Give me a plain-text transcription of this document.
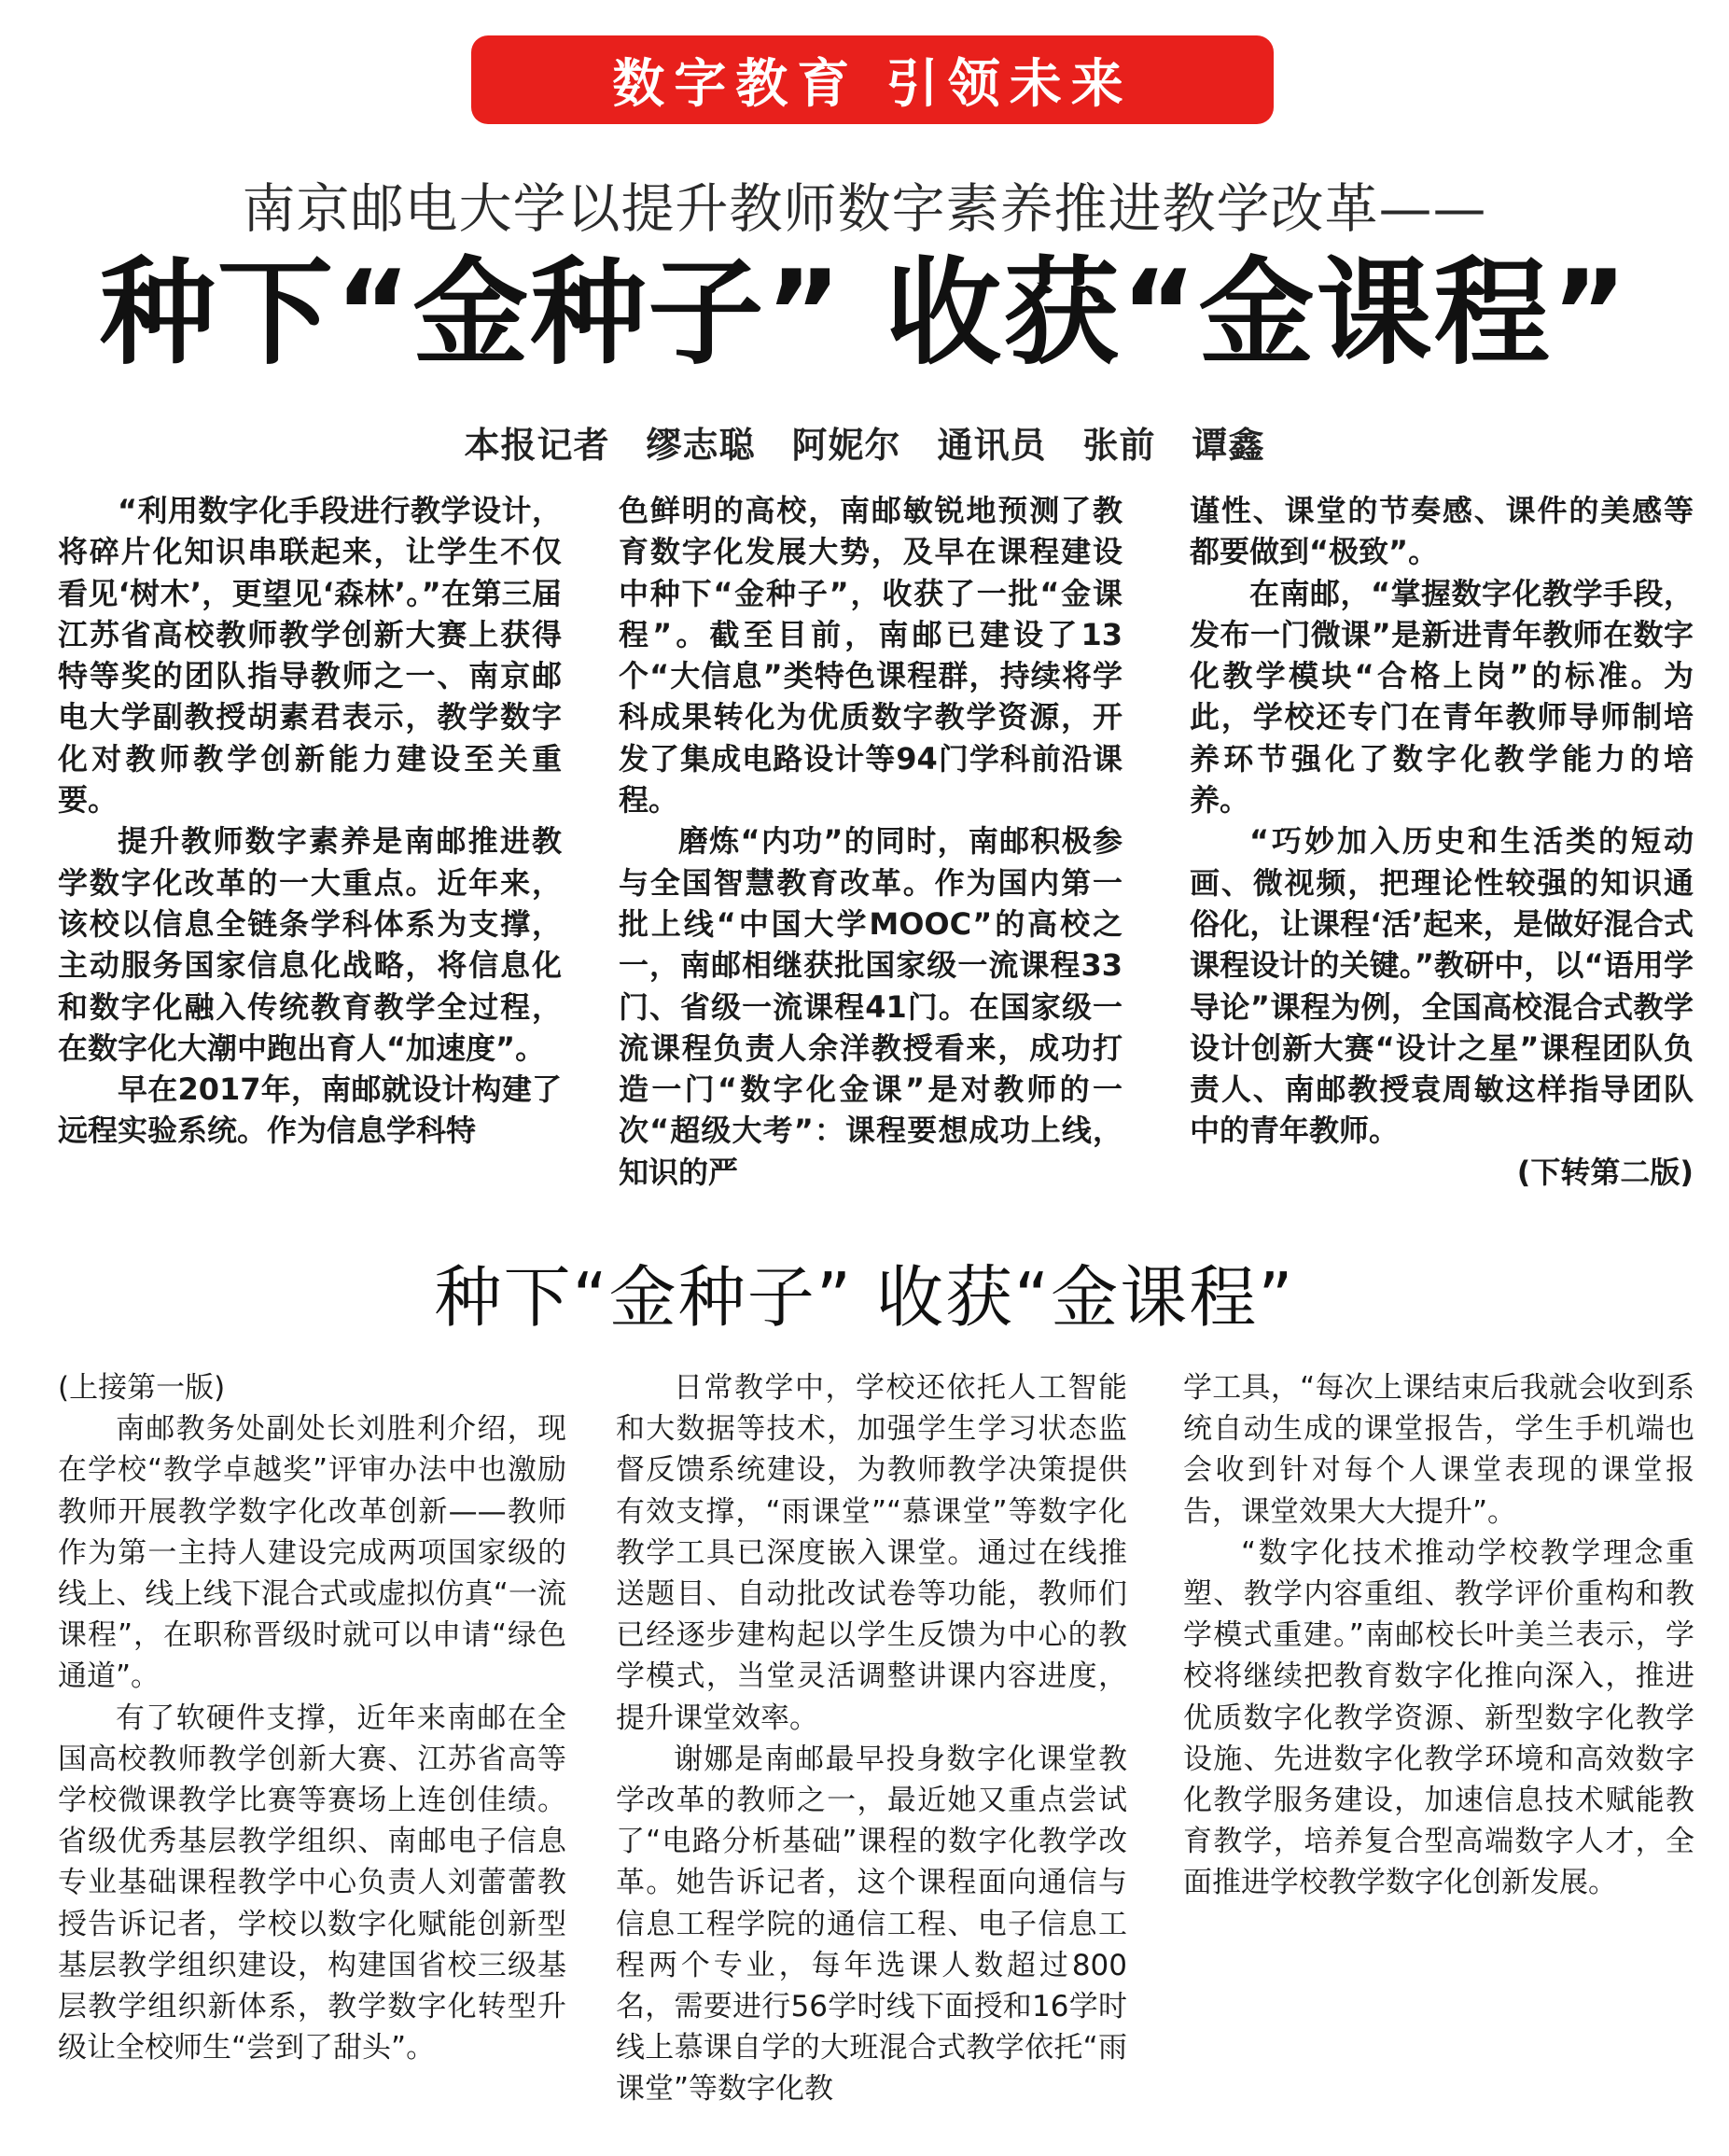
数字教育 引领未来
南京邮电大学以提升教师数字素养推进教学改革——
种下“金种子” 收获“金课程”
本报记者　缪志聪　阿妮尔　通讯员　张前　谭鑫

“利用数字化手段进行教学设计，将碎片化知识串联起来，让学生不仅看见‘树木’，更望见‘森林’。”在第三届江苏省高校教师教学创新大赛上获得特等奖的团队指导教师之一、南京邮电大学副教授胡素君表示，教学数字化对教师教学创新能力建设至关重要。

提升教师数字素养是南邮推进教学数字化改革的一大重点。近年来，该校以信息全链条学科体系为支撑，主动服务国家信息化战略，将信息化和数字化融入传统教育教学全过程，在数字化大潮中跑出育人“加速度”。

早在2017年，南邮就设计构建了远程实验系统。作为信息学科特

色鲜明的高校，南邮敏锐地预测了教育数字化发展大势，及早在课程建设中种下“金种子”，收获了一批“金课程”。截至目前，南邮已建设了13个“大信息”类特色课程群，持续将学科成果转化为优质数字教学资源，开发了集成电路设计等94门学科前沿课程。

磨炼“内功”的同时，南邮积极参与全国智慧教育改革。作为国内第一批上线“中国大学MOOC”的高校之一，南邮相继获批国家级一流课程33门、省级一流课程41门。在国家级一流课程负责人余洋教授看来，成功打造一门“数字化金课”是对教师的一次“超级大考”：课程要想成功上线，知识的严

谨性、课堂的节奏感、课件的美感等都要做到“极致”。

在南邮，“掌握数字化教学手段，发布一门微课”是新进青年教师在数字化教学模块“合格上岗”的标准。为此，学校还专门在青年教师导师制培养环节强化了数字化教学能力的培养。

“巧妙加入历史和生活类的短动画、微视频，把理论性较强的知识通俗化，让课程‘活’起来，是做好混合式课程设计的关键。”教研中，以“语用学导论”课程为例，全国高校混合式教学设计创新大赛“设计之星”课程团队负责人、南邮教授袁周敏这样指导团队中的青年教师。

(下转第二版)

种下“金种子” 收获“金课程”

(上接第一版)

南邮教务处副处长刘胜利介绍，现在学校“教学卓越奖”评审办法中也激励教师开展教学数字化改革创新——教师作为第一主持人建设完成两项国家级的线上、线上线下混合式或虚拟仿真“一流课程”，在职称晋级时就可以申请“绿色通道”。

有了软硬件支撑，近年来南邮在全国高校教师教学创新大赛、江苏省高等学校微课教学比赛等赛场上连创佳绩。省级优秀基层教学组织、南邮电子信息专业基础课程教学中心负责人刘蕾蕾教授告诉记者，学校以数字化赋能创新型基层教学组织建设，构建国省校三级基层教学组织新体系，教学数字化转型升级让全校师生“尝到了甜头”。

日常教学中，学校还依托人工智能和大数据等技术，加强学生学习状态监督反馈系统建设，为教师教学决策提供有效支撑，“雨课堂”“慕课堂”等数字化教学工具已深度嵌入课堂。通过在线推送题目、自动批改试卷等功能，教师们已经逐步建构起以学生反馈为中心的教学模式，当堂灵活调整讲课内容进度，提升课堂效率。

谢娜是南邮最早投身数字化课堂教学改革的教师之一，最近她又重点尝试了“电路分析基础”课程的数字化教学改革。她告诉记者，这个课程面向通信与信息工程学院的通信工程、电子信息工程两个专业，每年选课人数超过800名，需要进行56学时线下面授和16学时线上慕课自学的大班混合式教学依托“雨课堂”等数字化教

学工具，“每次上课结束后我就会收到系统自动生成的课堂报告，学生手机端也会收到针对每个人课堂表现的课堂报告，课堂效果大大提升”。

“数字化技术推动学校教学理念重塑、教学内容重组、教学评价重构和教学模式重建。”南邮校长叶美兰表示，学校将继续把教育数字化推向深入，推进优质数字化教学资源、新型数字化教学设施、先进数字化教学环境和高效数字化教学服务建设，加速信息技术赋能教育教学，培养复合型高端数字人才，全面推进学校教学数字化创新发展。
